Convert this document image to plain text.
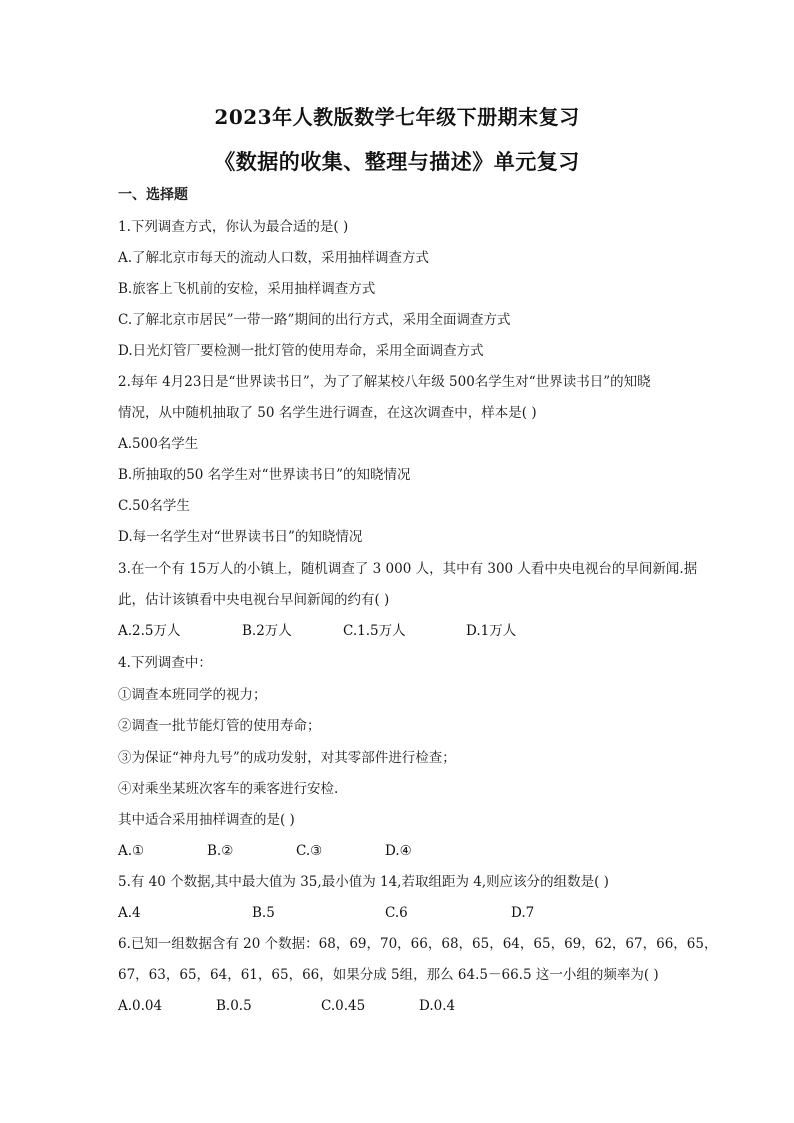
2023年人教版数学七年级下册期末复习
《数据的收集、整理与描述》单元复习
一、选择题
1.下列调查方式，你认为最合适的是( )
A.了解北京市每天的流动人口数，采用抽样调查方式
B.旅客上飞机前的安检，采用抽样调查方式
C.了解北京市居民”一带一路”期间的出行方式，采用全面调查方式
D.日光灯管厂要检测一批灯管的使用寿命，采用全面调查方式
2.每年 4月23日是“世界读书日”，为了了解某校八年级 500名学生对“世界读书日”的知晓
情况，从中随机抽取了 50 名学生进行调查，在这次调查中，样本是( )
A.500名学生
B.所抽取的50 名学生对“世界读书日”的知晓情况
C.50名学生
D.每一名学生对“世界读书日”的知晓情况
3.在一个有 15万人的小镇上，随机调查了 3 000 人，其中有 300 人看中央电视台的早间新闻.据
此，估计该镇看中央电视台早间新闻的约有( )
A.2.5万人	B.2万人	C.1.5万人	D.1万人
4.下列调查中：
①调查本班同学的视力；
②调查一批节能灯管的使用寿命；
③为保证“神舟九号”的成功发射，对其零部件进行检查；
④对乘坐某班次客车的乘客进行安检.
其中适合采用抽样调查的是( )
A.①	B.②	C.③	D.④
5.有 40 个数据,其中最大值为 35,最小值为 14,若取组距为 4,则应该分的组数是( )
A.4	B.5	C.6	D.7
6.已知一组数据含有 20 个数据：68，69，70，66，68，65，64，65，69，62，67，66，65，
67，63，65，64，61，65，66，如果分成 5组，那么 64.5－66.5 这一小组的频率为( )
A.0.04	B.0.5	C.0.45	D.0.4
